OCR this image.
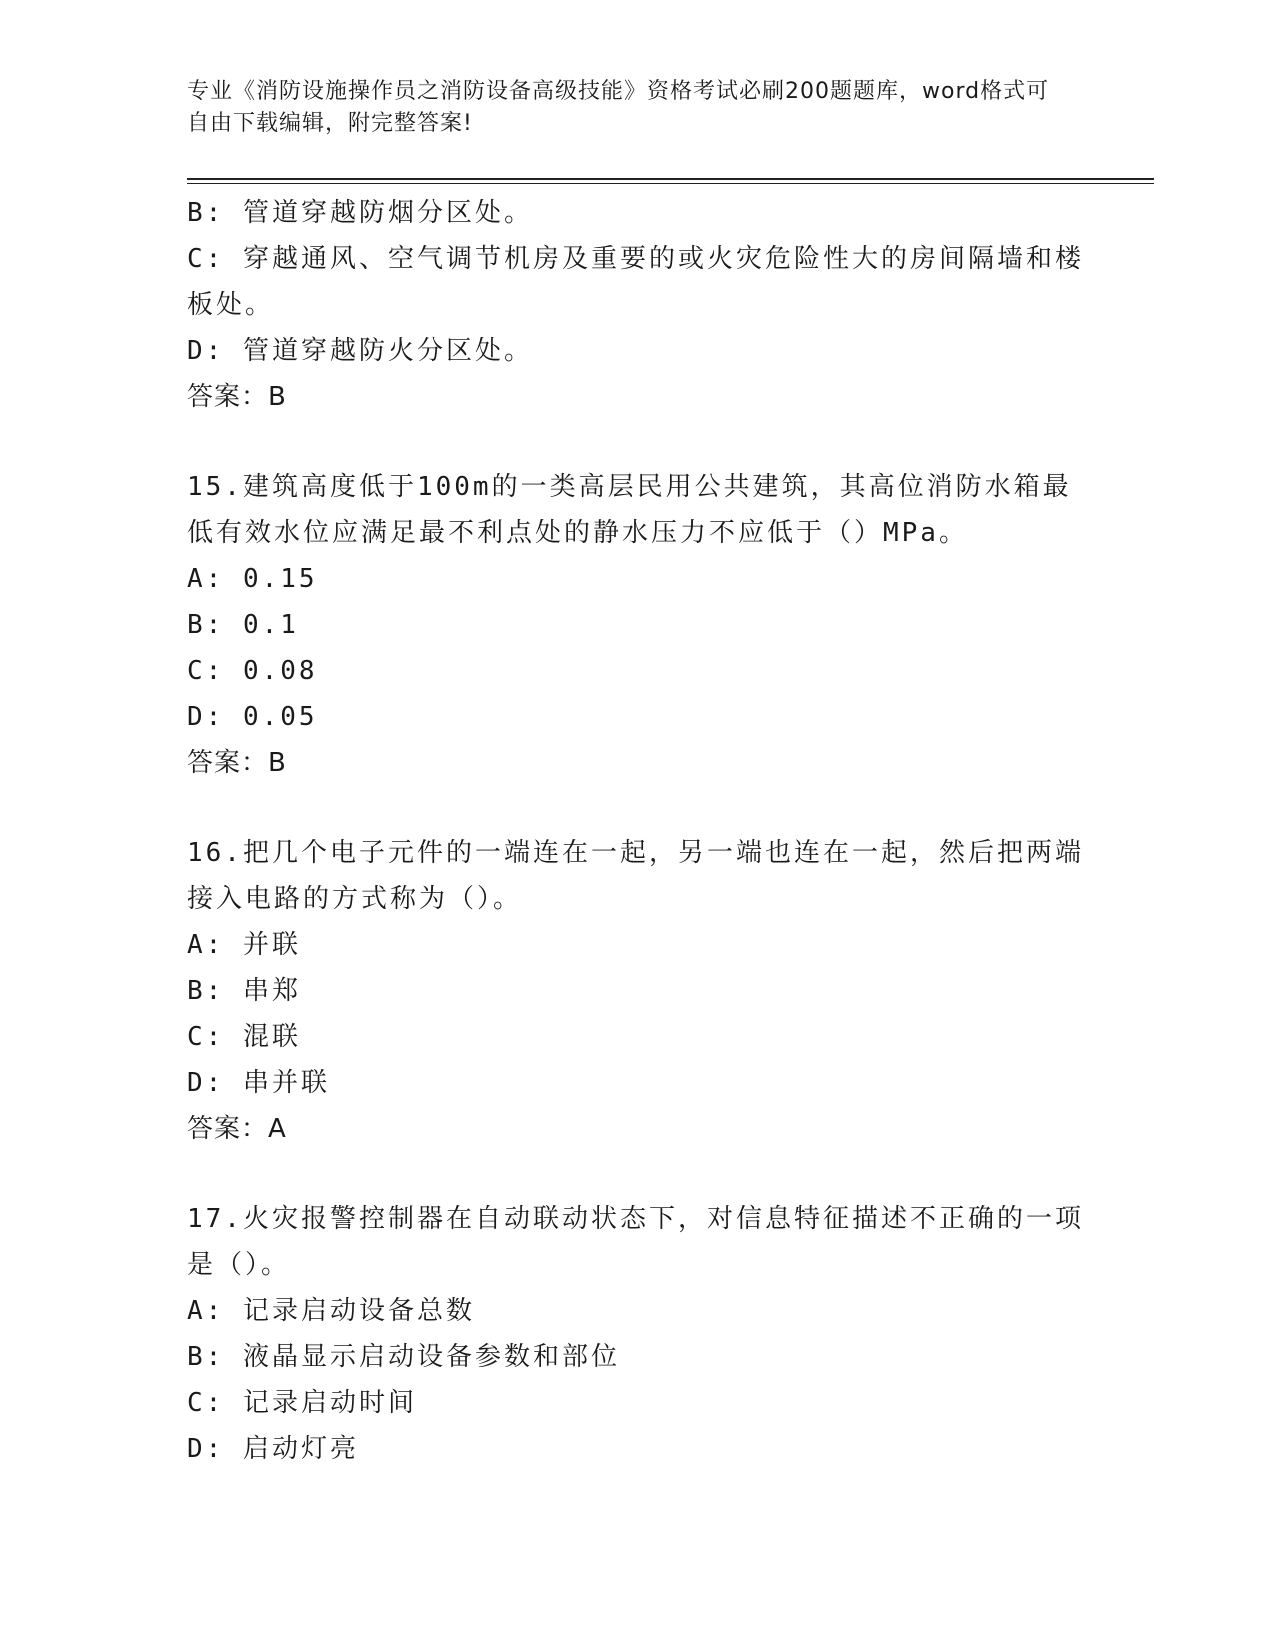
专业《消防设施操作员之消防设备高级技能》资格考试必刷200题题库，word格式可自由下载编辑，附完整答案!
B: 管道穿越防烟分区处。
C: 穿越通风、空气调节机房及重要的或火灾危险性大的房间隔墙和楼板处。
D: 管道穿越防火分区处。
答案：B
15.建筑高度低于100m的一类高层民用公共建筑，其高位消防水箱最低有效水位应满足最不利点处的静水压力不应低于（）MPa。
A: 0.15
B: 0.1
C: 0.08
D: 0.05
答案：B
16.把几个电子元件的一端连在一起，另一端也连在一起，然后把两端接入电路的方式称为（）。
A: 并联
B: 串郑
C: 混联
D: 串并联
答案：A
17.火灾报警控制器在自动联动状态下，对信息特征描述不正确的一项是（）。
A: 记录启动设备总数
B: 液晶显示启动设备参数和部位
C: 记录启动时间
D: 启动灯亮
